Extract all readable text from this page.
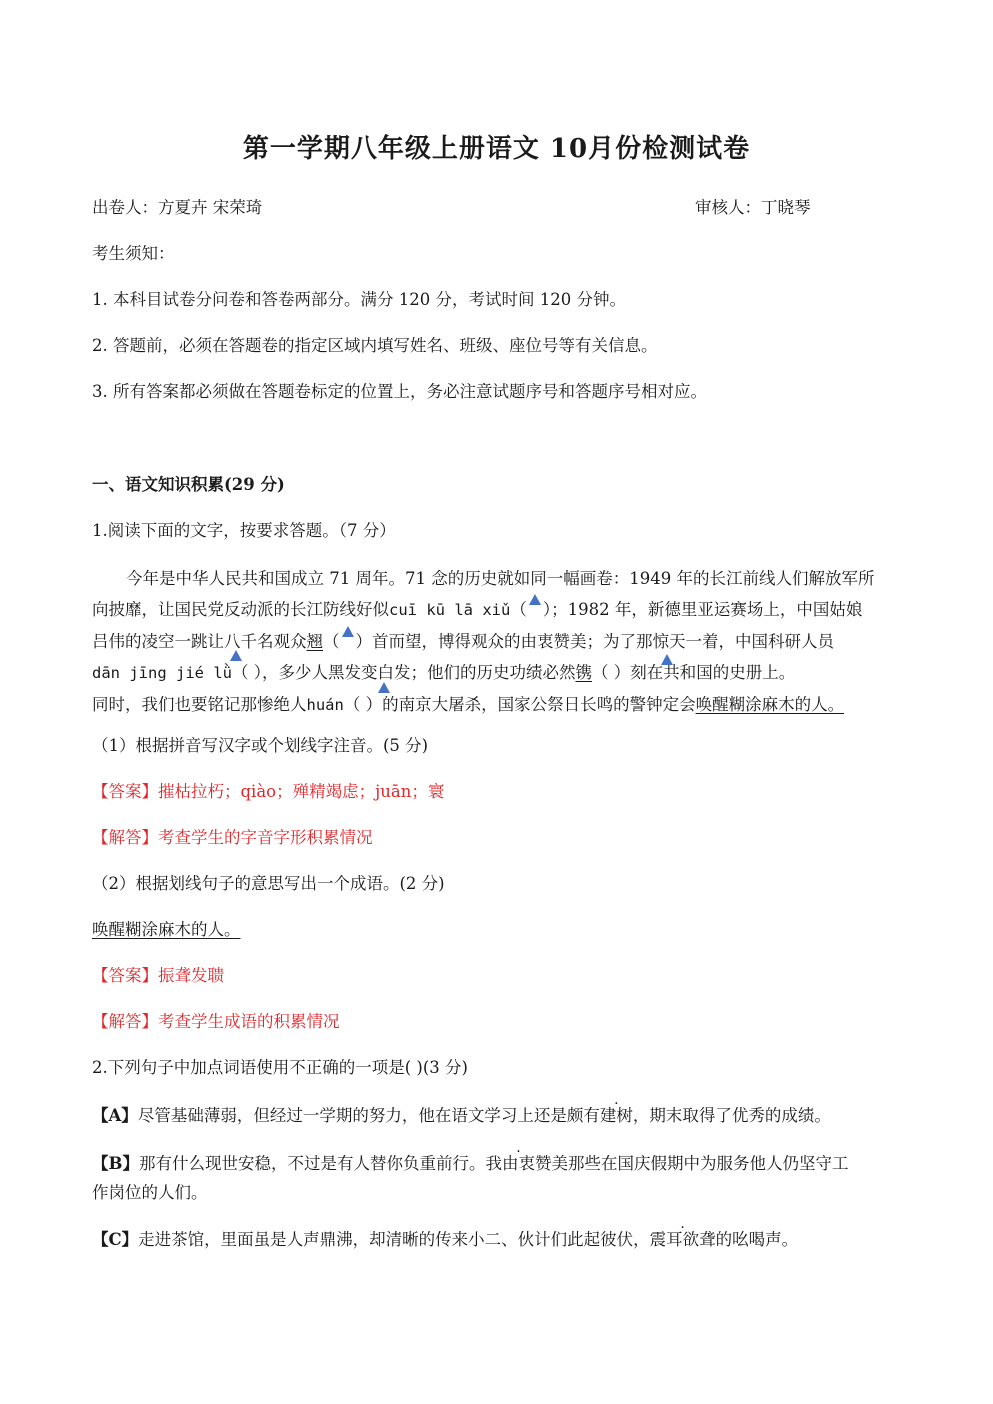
第一学期八年级上册语文 10月份检测试卷
出卷人：方夏卉 宋荣琦	审核人：丁晓琴
考生须知：
1. 本科目试卷分问卷和答卷两部分。满分 120 分，考试时间 120 分钟。
2. 答题前，必须在答题卷的指定区域内填写姓名、班级、座位号等有关信息。
3. 所有答案都必须做在答题卷标定的位置上，务必注意试题序号和答题序号相对应。
一、语文知识积累(29 分)
1.阅读下面的文字，按要求答题。（7 分）
今年是中华人民共和国成立 71 周年。71 念的历史就如同一幅画卷：1949 年的长江前线人们解放军所
向披靡，让国民党反动派的长江防线好似cuī kū lā xiǔ（ ）；1982 年，新德里亚运赛场上，中国姑娘
吕伟的凌空一跳让八千名观众翘（ ）首而望，博得观众的由衷赞美；为了那惊天一着，中国科研人员
dān jīng jié lǜ（ ），多少人黑发变白发；他们的历史功绩必然镌（ ）刻在共和国的史册上。
同时，我们也要铭记那惨绝人huán（ ）的南京大屠杀，国家公祭日长鸣的警钟定会唤醒糊涂麻木的人。

（1）根据拼音写汉字或个划线字注音。(5 分)
【答案】摧枯拉朽；qiào；殚精竭虑；juān；寰
【解答】考查学生的字音字形积累情况
（2）根据划线句子的意思写出一个成语。(2 分)
唤醒糊涂麻木的人。
【答案】振聋发聩
【解答】考查学生成语的积累情况
2.下列句子中加点词语使用不正确的一项是( )(3 分)
【A】尽管基础薄弱，但经过一学期的努力，他在语文学习上还是颇有建树，期末取得了优秀的成绩。
【B】那有什么现世安稳，不过是有人替你负重前行。我由衷赞美那些在国庆假期中为服务他人仍坚守工
作岗位的人们。
【C】走进茶馆，里面虽是人声鼎沸，却清晰的传来小二、伙计们此起彼伏，震耳欲聋的吆喝声。
